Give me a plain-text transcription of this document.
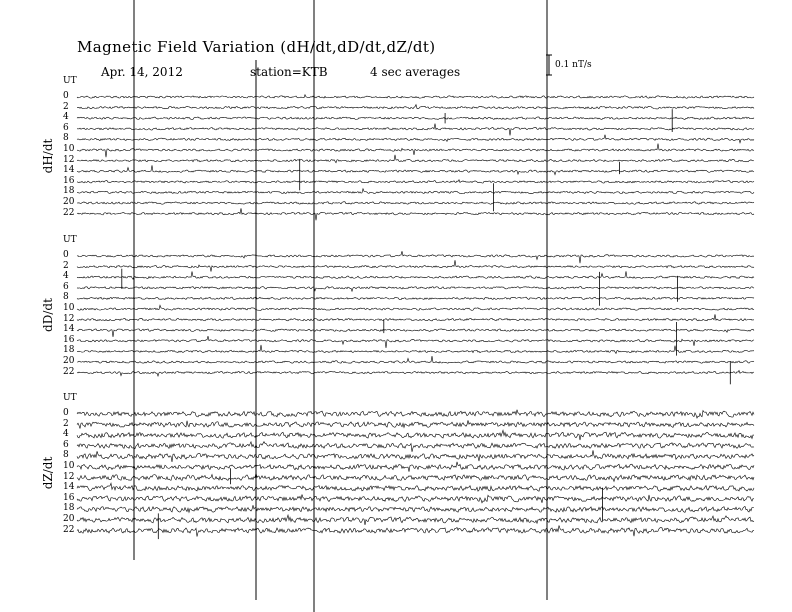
Magnetic Field Variation (dH/dt,dD/dt,dZ/dt)
Apr. 14, 2012	station=KTB	4 sec averages	0.1 nT/s
UT
dH/dt
0
2
4
6
8
10
12
14
16
18
20
22
UT
dD/dt
0
2
4
6
8
10
12
14
16
18
20
22
UT
dZ/dt
0
2
4
6
8
10
12
14
16
18
20
22
